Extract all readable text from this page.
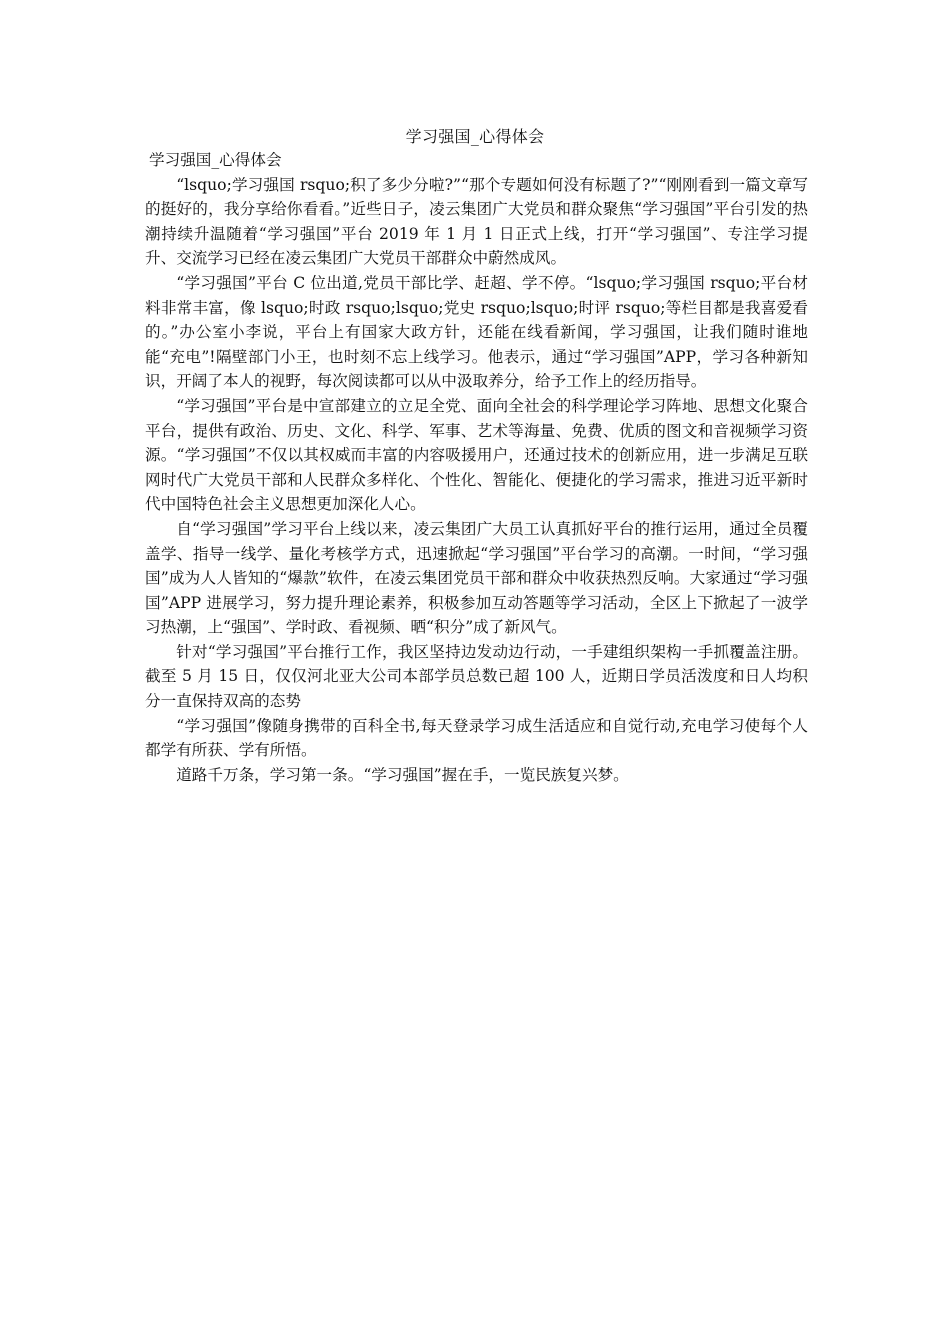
学习强国_心得体会

学习强国_心得体会

“lsquo;学习强国 rsquo;积了多少分啦?”“那个专题如何没有标题了?”“刚刚看到一篇文章写的挺好的，我分享给你看看。”近些日子，凌云集团广大党员和群众聚焦“学习强国”平台引发的热潮持续升温随着“学习强国”平台 2019 年 1 月 1 日正式上线，打开“学习强国”、专注学习提升、交流学习已经在凌云集团广大党员干部群众中蔚然成风。

“学习强国”平台 C 位出道,党员干部比学、赶超、学不停。“lsquo;学习强国 rsquo;平台材料非常丰富，像 lsquo;时政 rsquo;lsquo;党史 rsquo;lsquo;时评 rsquo;等栏目都是我喜爱看的。”办公室小李说，平台上有国家大政方针，还能在线看新闻，学习强国，让我们随时谁地能“充电”!隔壁部门小王，也时刻不忘上线学习。他表示，通过“学习强国”APP，学习各种新知识，开阔了本人的视野，每次阅读都可以从中汲取养分，给予工作上的经历指导。

“学习强国”平台是中宣部建立的立足全党、面向全社会的科学理论学习阵地、思想文化聚合平台，提供有政治、历史、文化、科学、军事、艺术等海量、免费、优质的图文和音视频学习资源。“学习强国”不仅以其权威而丰富的内容吸援用户，还通过技术的创新应用，进一步满足互联网时代广大党员干部和人民群众多样化、个性化、智能化、便捷化的学习需求，推进习近平新时代中国特色社会主义思想更加深化人心。

自“学习强国”学习平台上线以来，凌云集团广大员工认真抓好平台的推行运用，通过全员覆盖学、指导一线学、量化考核学方式，迅速掀起“学习强国”平台学习的高潮。一时间，“学习强国”成为人人皆知的“爆款”软件，在凌云集团党员干部和群众中收获热烈反响。大家通过“学习强国”APP 进展学习，努力提升理论素养，积极参加互动答题等学习活动，全区上下掀起了一波学习热潮，上“强国”、学时政、看视频、晒“积分”成了新风气。

针对“学习强国”平台推行工作，我区坚持边发动边行动，一手建组织架构一手抓覆盖注册。截至 5 月 15 日，仅仅河北亚大公司本部学员总数已超 100 人，近期日学员活泼度和日人均积分一直保持双高的态势

“学习强国”像随身携带的百科全书,每天登录学习成生活适应和自觉行动,充电学习使每个人都学有所获、学有所悟。

道路千万条，学习第一条。“学习强国”握在手，一览民族复兴梦。
